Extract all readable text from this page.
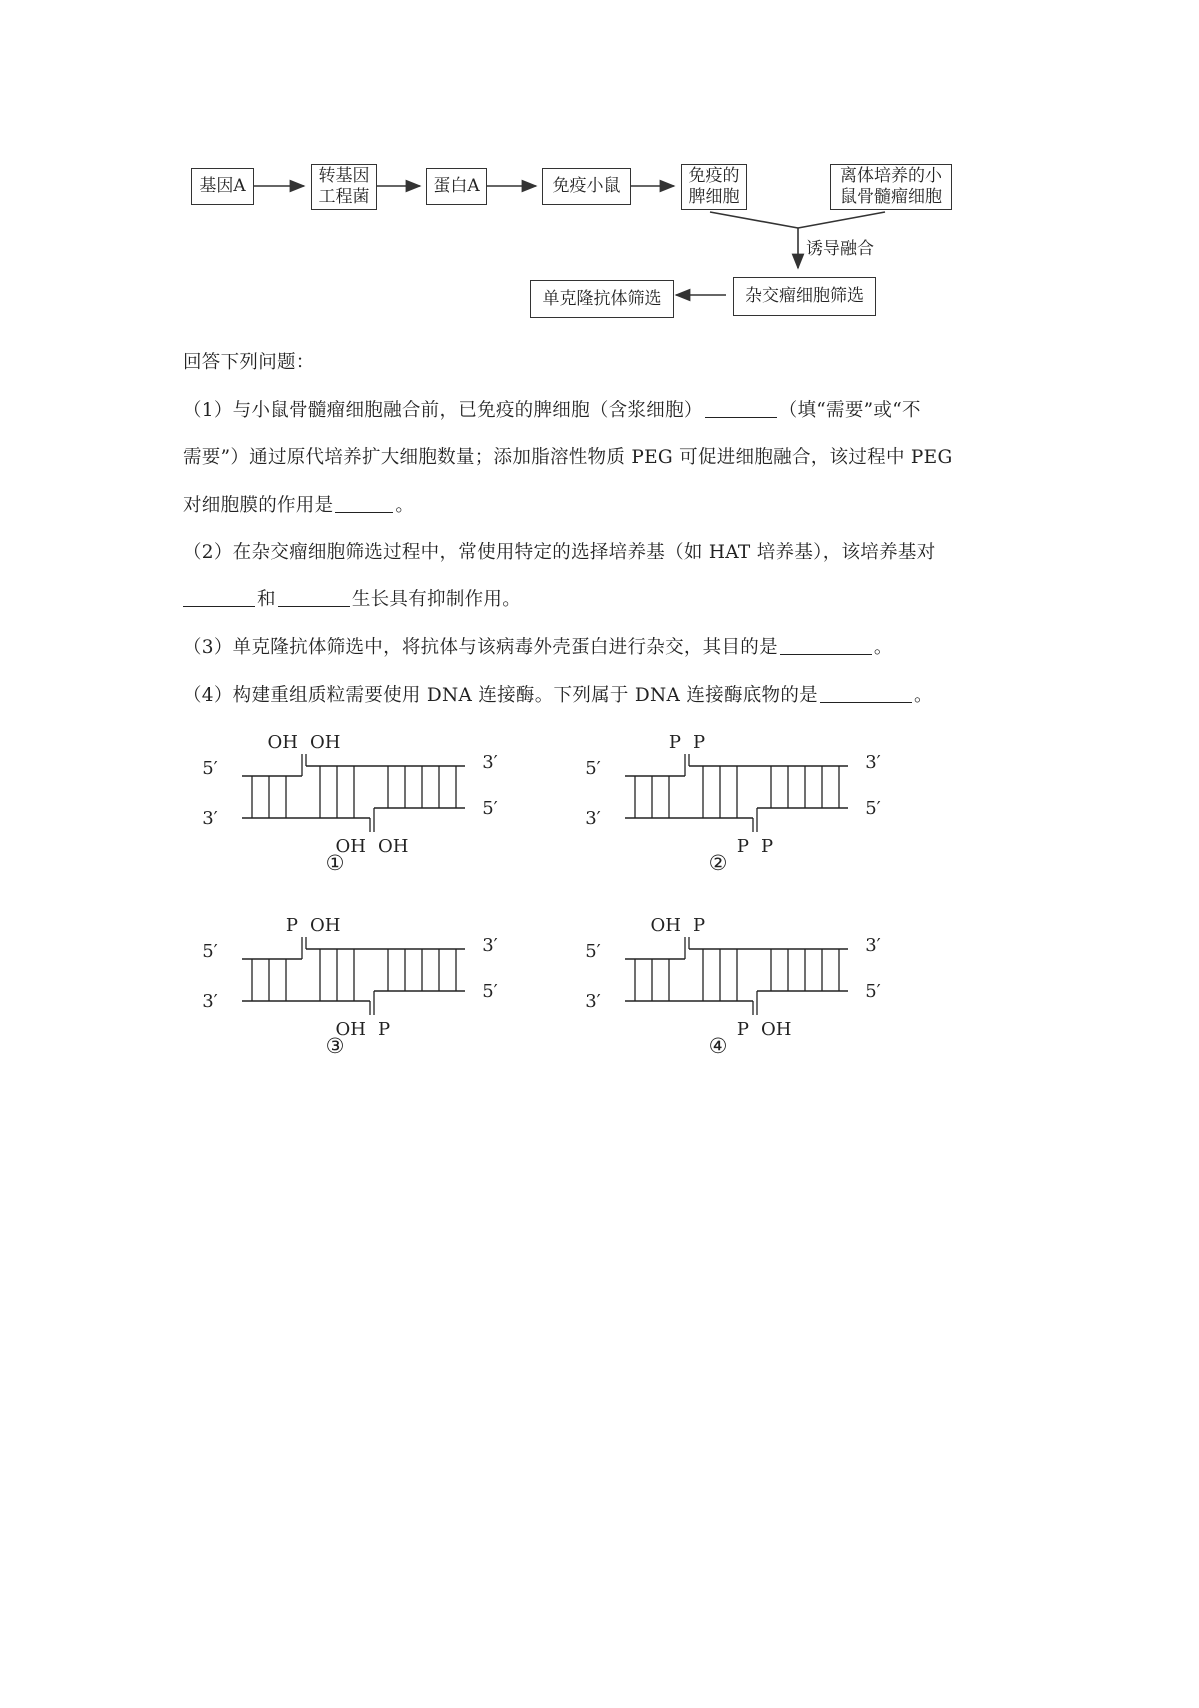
基因A	转基因
工程菌
蛋白A	免疫小鼠	免疫的
脾细胞
离体培养的小
鼠骨髓瘤细胞
诱导融合
杂交瘤细胞筛选
单克隆抗体筛选
回答下列问题：
（1）与小鼠骨髓瘤细胞融合前，已免疫的脾细胞（含浆细胞）	（填“需要”或“不
需要”）通过原代培养扩大细胞数量；添加脂溶性物质 PEG 可促进细胞融合，该过程中 PEG
对细胞膜的作用是	。
（2）在杂交瘤细胞筛选过程中，常使用特定的选择培养基（如 HAT 培养基），该培养基对
和	生长具有抑制作用。
（3）单克隆抗体筛选中，将抗体与该病毒外壳蛋白进行杂交，其目的是	。
（4）构建重组质粒需要使用 DNA 连接酶。下列属于 DNA 连接酶底物的是	。
5′
3′
3′
5′
OH OH
OH OH
①
5′
3′
3′
5′
P P
P P
②
5′
3′
3′
5′
P OH
OH P
③
5′
3′
3′
5′
OH P
P OH
④
